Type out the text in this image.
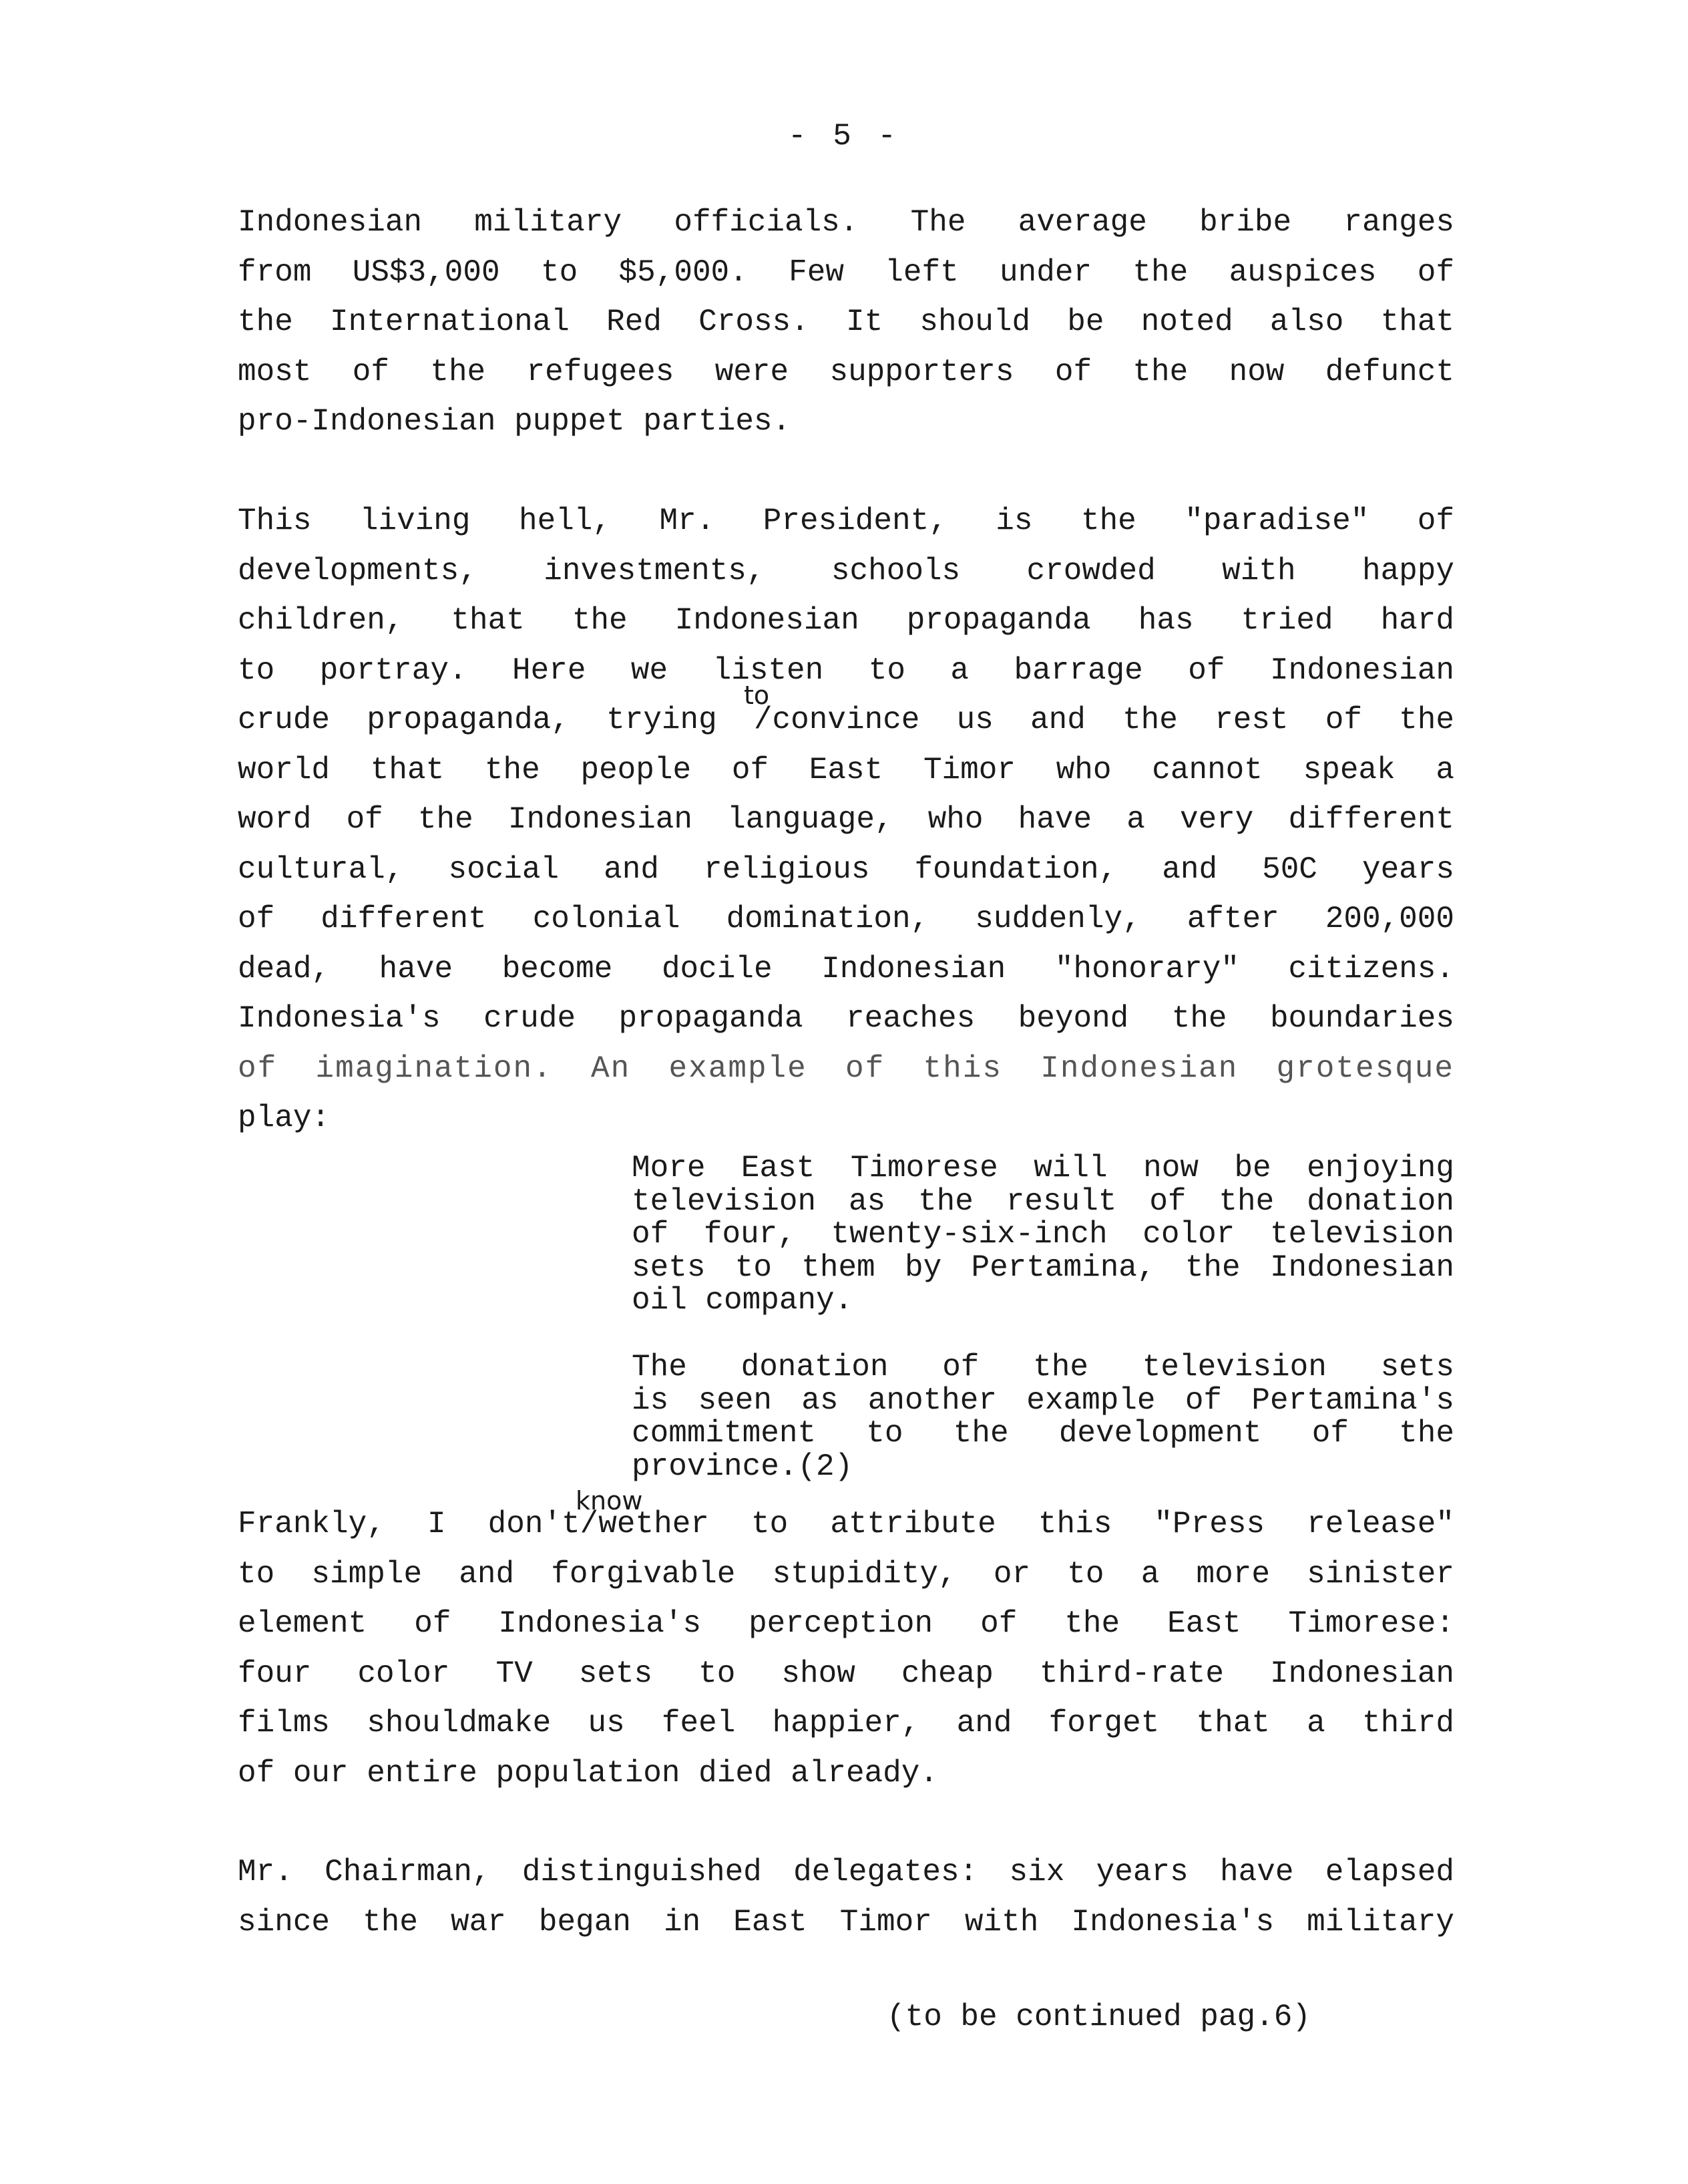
- 5 -

Indonesian military officials. The average bribe ranges
from US$3,000 to $5,000. Few left under the auspices of
the International Red Cross. It should be noted also that
most of the refugees were supporters of the now defunct
pro-Indonesian puppet parties.

This living hell, Mr. President, is the "paradise" of
developments, investments, schools crowded with happy
children, that the Indonesian propaganda has tried hard
to portray. Here we listen to a barrage of Indonesian
crude propaganda, trying /convince us and the rest of the
world that the people of East Timor who cannot speak a
word of the Indonesian language, who have a very different
cultural, social and religious foundation, and 50C years
of different colonial domination, suddenly, after 200,000
dead, have become docile Indonesian "honorary" citizens.
Indonesia's crude propaganda reaches beyond the boundaries
of imagination. An example of this Indonesian grotesque
play:

to

More East Timorese will now be enjoying
television as the result of the donation
of four, twenty-six-inch color television
sets to them by Pertamina, the Indonesian
oil company.

The donation of the television sets
is seen as another example of Pertamina's
commitment to the development of the
province.(2)

know

Frankly, I don't/wether to attribute this "Press release"
to simple and forgivable stupidity, or to a more sinister
element of Indonesia's perception of the East Timorese:
four color TV sets to show cheap third-rate Indonesian
films shouldmake us feel happier, and forget that a third
of our entire population died already.

Mr. Chairman, distinguished delegates: six years have elapsed
since the war began in East Timor with Indonesia's military

(to be continued pag.6)
